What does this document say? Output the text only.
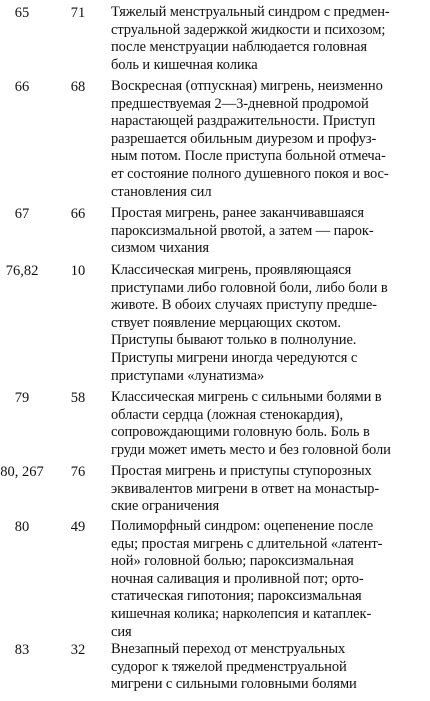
65	71	Тяжелый менструальный синдром с предмен-
струальной задержкой жидкости и психозом;
после менструации наблюдается головная
боль и кишечная колика
66	68	Воскресная (отпускная) мигрень, неизменно
предшествуемая 2—3-дневной продромой
нарастающей раздражительности. Приступ
разрешается обильным диурезом и профуз-
ным потом. После приступа больной отмеча-
ет состояние полного душевного покоя и вос-
становления сил
67	66	Простая мигрень, ранее заканчивавшаяся
пароксизмальной рвотой, а затем — парок-
сизмом чихания
76,82	10	Классическая мигрень, проявляющаяся
приступами либо головной боли, либо боли в
животе. В обоих случаях приступу предше-
ствует появление мерцающих скотом.
Приступы бывают только в полнолуние.
Приступы мигрени иногда чередуются с
приступами «лунатизма»
79	58	Классическая мигрень с сильными болями в
области сердца (ложная стенокардия),
сопровождающими головную боль. Боль в
груди может иметь место и без головной боли
80, 267	76	Простая мигрень и приступы ступорозных
эквивалентов мигрени в ответ на монастыр-
ские ограничения
80	49	Полиморфный синдром: оцепенение после
еды; простая мигрень с длительной «латент-
ной» головной болью; пароксизмальная
ночная саливация и проливной пот; орто-
статическая гипотония; пароксизмальная
кишечная колика; нарколепсия и катаплек-
сия
83	32	Внезапный переход от менструальных
судорог к тяжелой предменструальной
мигрени с сильными головными болями
